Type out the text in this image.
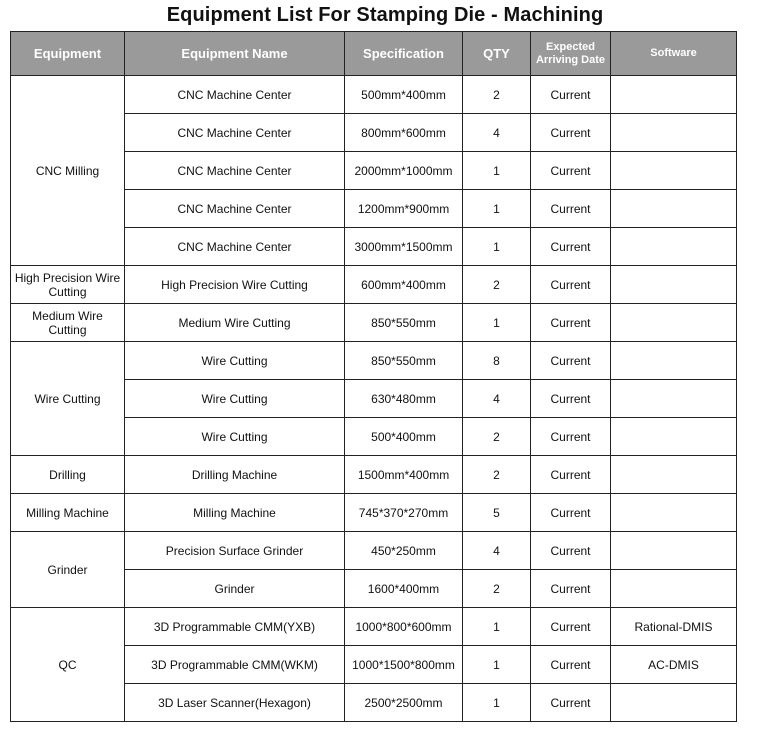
Equipment List For Stamping Die - Machining
Equipment	Equipment Name	Specification	QTY	Expected Arriving Date	Software
CNC Milling	CNC Machine Center	500mm*400mm	2	Current	
	CNC Machine Center	800mm*600mm	4	Current	
	CNC Machine Center	2000mm*1000mm	1	Current	
	CNC Machine Center	1200mm*900mm	1	Current	
	CNC Machine Center	3000mm*1500mm	1	Current	
High Precision Wire Cutting	High Precision Wire Cutting	600mm*400mm	2	Current	
Medium Wire Cutting	Medium Wire Cutting	850*550mm	1	Current	
Wire Cutting	Wire Cutting	850*550mm	8	Current	
	Wire Cutting	630*480mm	4	Current	
	Wire Cutting	500*400mm	2	Current	
Drilling	Drilling Machine	1500mm*400mm	2	Current	
Milling Machine	Milling Machine	745*370*270mm	5	Current	
Grinder	Precision Surface Grinder	450*250mm	4	Current	
	Grinder	1600*400mm	2	Current	
QC	3D Programmable CMM(YXB)	1000*800*600mm	1	Current	Rational-DMIS
	3D Programmable CMM(WKM)	1000*1500*800mm	1	Current	AC-DMIS
	3D Laser Scanner(Hexagon)	2500*2500mm	1	Current	
